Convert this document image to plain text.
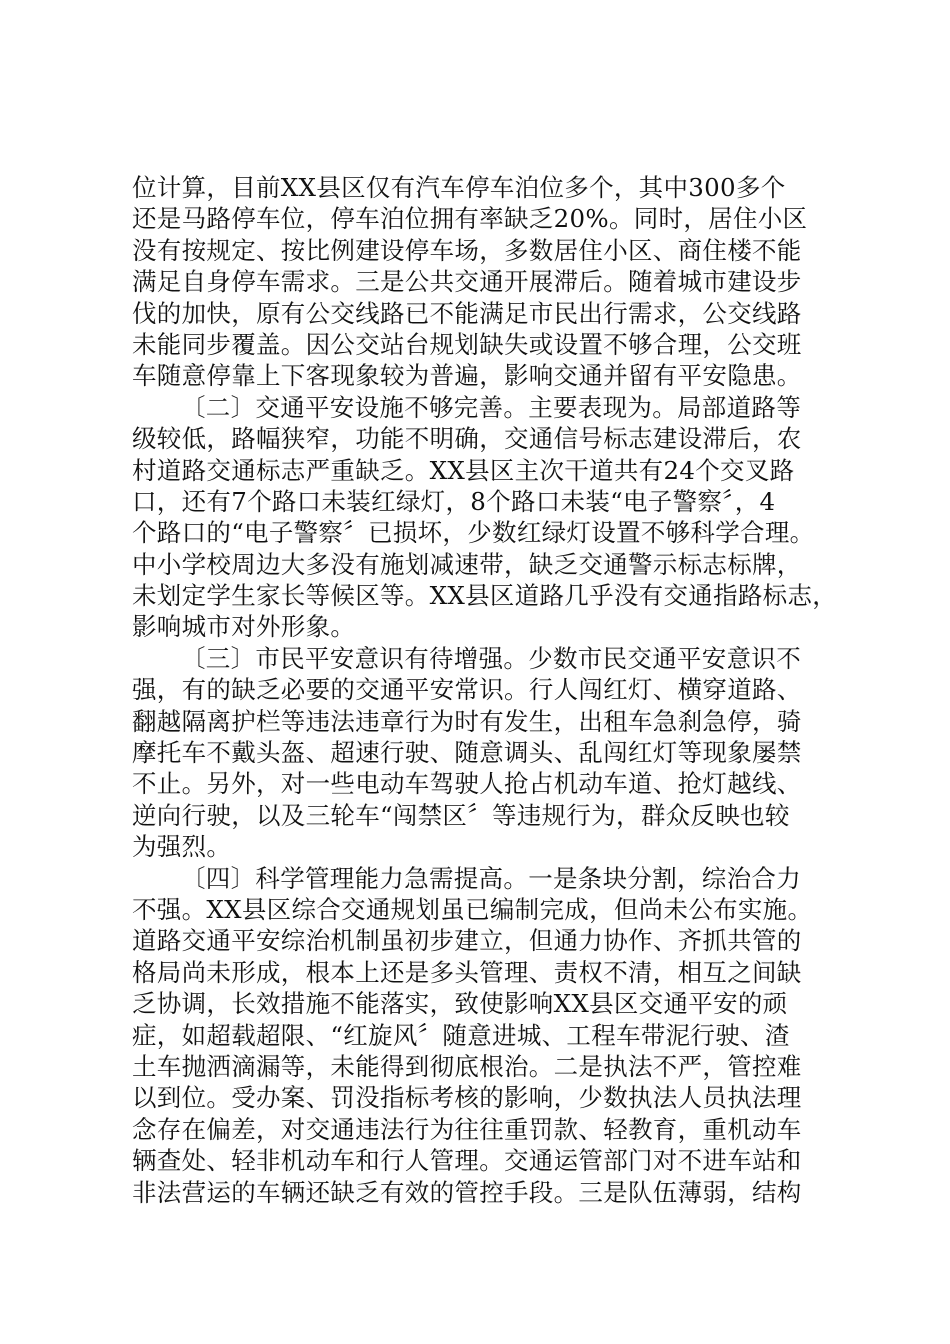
位计算，目前XX县区仅有汽车停车泊位多个，其中300多个
还是马路停车位，停车泊位拥有率缺乏20%。同时，居住小区
没有按规定、按比例建设停车场，多数居住小区、商住楼不能
满足自身停车需求。三是公共交通开展滞后。随着城市建设步
伐的加快，原有公交线路已不能满足市民出行需求，公交线路
未能同步覆盖。因公交站台规划缺失或设置不够合理，公交班
车随意停靠上下客现象较为普遍，影响交通并留有平安隐患。
〔二〕交通平安设施不够完善。主要表现为。局部道路等
级较低，路幅狭窄，功能不明确，交通信号标志建设滞后，农
村道路交通标志严重缺乏。XX县区主次干道共有24个交叉路
口，还有7个路口未装红绿灯，8个路口未装“电子警察〞，4
个路口的“电子警察〞已损坏，少数红绿灯设置不够科学合理。
中小学校周边大多没有施划减速带，缺乏交通警示标志标牌，
未划定学生家长等候区等。XX县区道路几乎没有交通指路标志，
影响城市对外形象。
〔三〕市民平安意识有待增强。少数市民交通平安意识不
强，有的缺乏必要的交通平安常识。行人闯红灯、横穿道路、
翻越隔离护栏等违法违章行为时有发生，出租车急刹急停，骑
摩托车不戴头盔、超速行驶、随意调头、乱闯红灯等现象屡禁
不止。另外，对一些电动车驾驶人抢占机动车道、抢灯越线、
逆向行驶，以及三轮车“闯禁区〞等违规行为，群众反映也较
为强烈。
〔四〕科学管理能力急需提高。一是条块分割，综治合力
不强。XX县区综合交通规划虽已编制完成，但尚未公布实施。
道路交通平安综治机制虽初步建立，但通力协作、齐抓共管的
格局尚未形成，根本上还是多头管理、责权不清，相互之间缺
乏协调，长效措施不能落实，致使影响XX县区交通平安的顽
症，如超载超限、“红旋风〞随意进城、工程车带泥行驶、渣
土车抛洒滴漏等，未能得到彻底根治。二是执法不严，管控难
以到位。受办案、罚没指标考核的影响，少数执法人员执法理
念存在偏差，对交通违法行为往往重罚款、轻教育，重机动车
辆查处、轻非机动车和行人管理。交通运管部门对不进车站和
非法营运的车辆还缺乏有效的管控手段。三是队伍薄弱，结构
